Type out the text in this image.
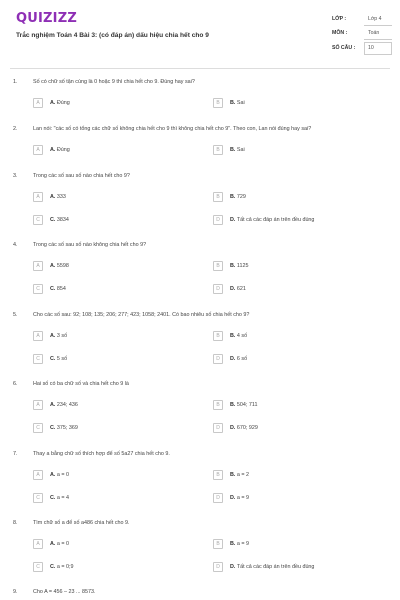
QUIZIZZ
Trắc nghiệm Toán 4 Bài 3: (có đáp án) dấu hiệu chia hết cho 9
LỚP :	Lớp 4
MÔN :	Toán
SỐ CÂU : 10
1.	Số có chữ số tận cùng là 0 hoặc 9 thì chia hết cho 9. Đúng hay sai?
A	A. Đúng	B	B. Sai
2.	Lan nói: "các số có tổng các chữ số không chia hết cho 9 thì không chia hết cho 9". Theo con, Lan nói đúng hay sai?
A	A. Đúng	B	B. Sai
3.	Trong các số sau số nào chia hết cho 9?
A	A. 333	B	B. 729
C	C. 3834	D	D. Tất cả các đáp án trên đều đúng
4.	Trong các số sau số nào không chia hết cho 9?
A	A. 5598	B	B. 1125
C	C. 854	D	D. 621
5.	Cho các số sau: 92; 108; 135; 206; 277; 423; 1058; 2401. Có bao nhiêu số chia hết cho 9?
A	A. 3 số	B	B. 4 số
C	C. 5 số	D	D. 6 số
6.	Hai số có ba chữ số và chia hết cho 9 là
A	A. 234; 436	B	B. 504; 711
C	C. 375; 369	D	D. 670; 929
7.	Thay a bằng chữ số thích hợp để số 5a27 chia hết cho 9.
A	A. a = 0	B	B. a = 2
C	C. a = 4	D	D. a = 9
8.	Tìm chữ số a để số a486 chia hết cho 9.
A	A. a = 0	B	B. a = 9
C	C. a = 0;9	D	D. Tất cả các đáp án trên đều đúng
9.	Cho A = 456 – 23 ... 8573.
